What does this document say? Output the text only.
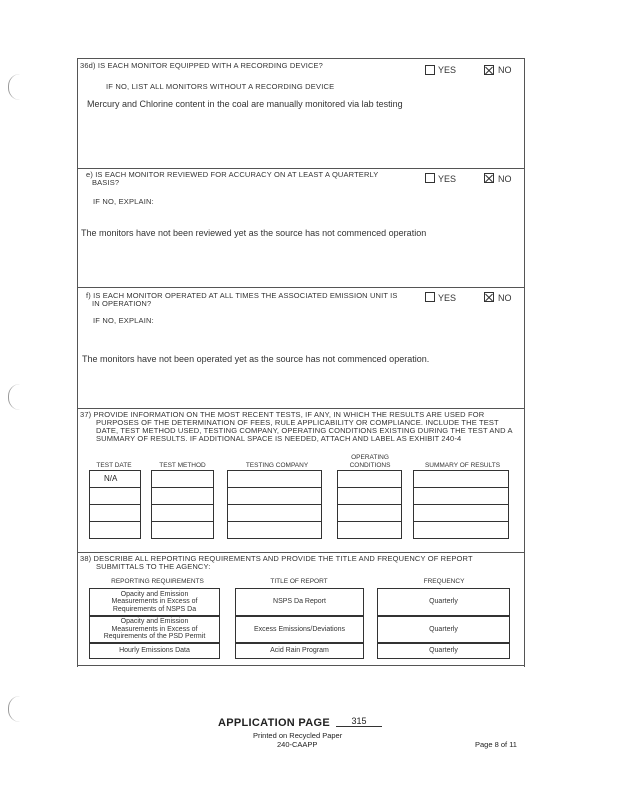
36d) IS EACH MONITOR EQUIPPED WITH A RECORDING DEVICE?	YES	NO
IF NO, LIST ALL MONITORS WITHOUT A RECORDING DEVICE
Mercury and Chlorine content in the coal are manually monitored via lab testing
e) IS EACH MONITOR REVIEWED FOR ACCURACY ON AT LEAST A QUARTERLY
BASIS?	YES	NO
IF NO, EXPLAIN:
The monitors have not been reviewed yet as the source has not commenced operation
f) IS EACH MONITOR OPERATED AT ALL TIMES THE ASSOCIATED EMISSION UNIT IS
IN OPERATION?
YES	NO
IF NO, EXPLAIN:
The monitors have not been operated yet as the source has not commenced operation.
37) PROVIDE INFORMATION ON THE MOST RECENT TESTS, IF ANY, IN WHICH THE RESULTS ARE USED FOR
PURPOSES OF THE DETERMINATION OF FEES, RULE APPLICABILITY OR COMPLIANCE. INCLUDE THE TEST
DATE, TEST METHOD USED, TESTING COMPANY, OPERATING CONDITIONS EXISTING DURING THE TEST AND A
SUMMARY OF RESULTS. IF ADDITIONAL SPACE IS NEEDED, ATTACH AND LABEL AS EXHIBIT 240-4
TEST DATE	TEST METHOD	TESTING COMPANY
OPERATING
CONDITIONS	SUMMARY OF RESULTS
N/A
38) DESCRIBE ALL REPORTING REQUIREMENTS AND PROVIDE THE TITLE AND FREQUENCY OF REPORT
SUBMITTALS TO THE AGENCY:
REPORTING REQUIREMENTS	TITLE OF REPORT	FREQUENCY
Opacity and Emission
Measurements in Excess of
Requirements of NSPS Da
NSPS Da Report	Quarterly
Opacity and Emission
Measurements in Excess of
Requirements of the PSD Permit
Excess Emissions/Deviations	Quarterly
Hourly Emissions Data	Acid Rain Program	Quarterly
APPLICATION PAGE	315
Printed on Recycled Paper
240-CAAPP	Page 8 of 11
